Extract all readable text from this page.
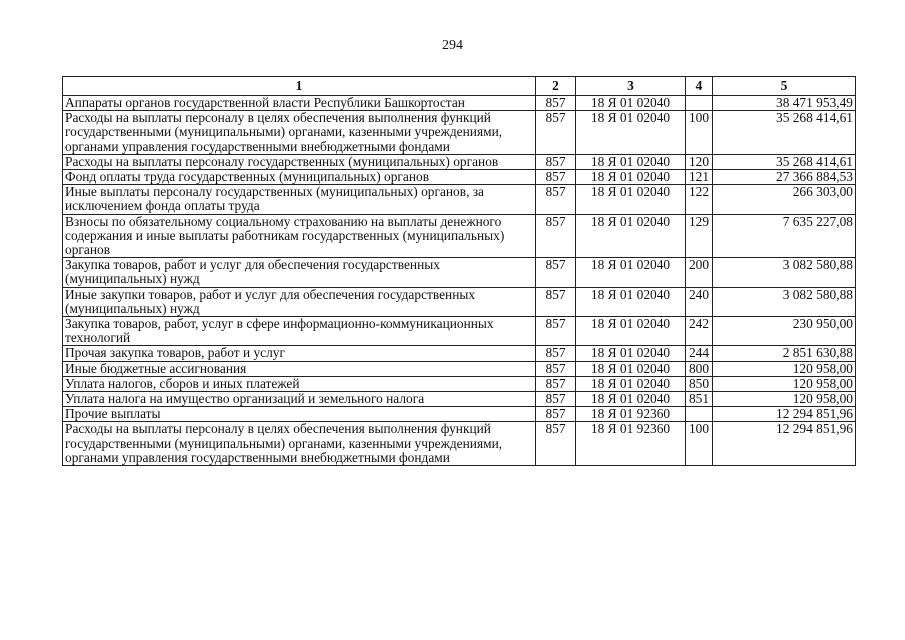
294
1	2	3	4	5
Аппараты органов государственной власти Республики Башкортостан	857	18 Я 01 02040		38 471 953,49
Расходы на выплаты персоналу в целях обеспечения выполнения функций государственными (муниципальными) органами, казенными учреждениями, органами управления государственными внебюджетными фондами	857	18 Я 01 02040	100	35 268 414,61
Расходы на выплаты персоналу государственных (муниципальных) органов	857	18 Я 01 02040	120	35 268 414,61
Фонд оплаты труда государственных (муниципальных) органов	857	18 Я 01 02040	121	27 366 884,53
Иные выплаты персоналу государственных (муниципальных) органов, за исключением фонда оплаты труда	857	18 Я 01 02040	122	266 303,00
Взносы по обязательному социальному страхованию на выплаты денежного содержания и иные выплаты работникам государственных (муниципальных) органов	857	18 Я 01 02040	129	7 635 227,08
Закупка товаров, работ и услуг для обеспечения государственных (муниципальных) нужд	857	18 Я 01 02040	200	3 082 580,88
Иные закупки товаров, работ и услуг для обеспечения государственных (муниципальных) нужд	857	18 Я 01 02040	240	3 082 580,88
Закупка товаров, работ, услуг в сфере информационно-коммуникационных технологий	857	18 Я 01 02040	242	230 950,00
Прочая закупка товаров, работ и услуг	857	18 Я 01 02040	244	2 851 630,88
Иные бюджетные ассигнования	857	18 Я 01 02040	800	120 958,00
Уплата налогов, сборов и иных платежей	857	18 Я 01 02040	850	120 958,00
Уплата налога на имущество организаций и земельного налога	857	18 Я 01 02040	851	120 958,00
Прочие выплаты	857	18 Я 01 92360		12 294 851,96
Расходы на выплаты персоналу в целях обеспечения выполнения функций государственными (муниципальными) органами, казенными учреждениями, органами управления государственными внебюджетными фондами	857	18 Я 01 92360	100	12 294 851,96
